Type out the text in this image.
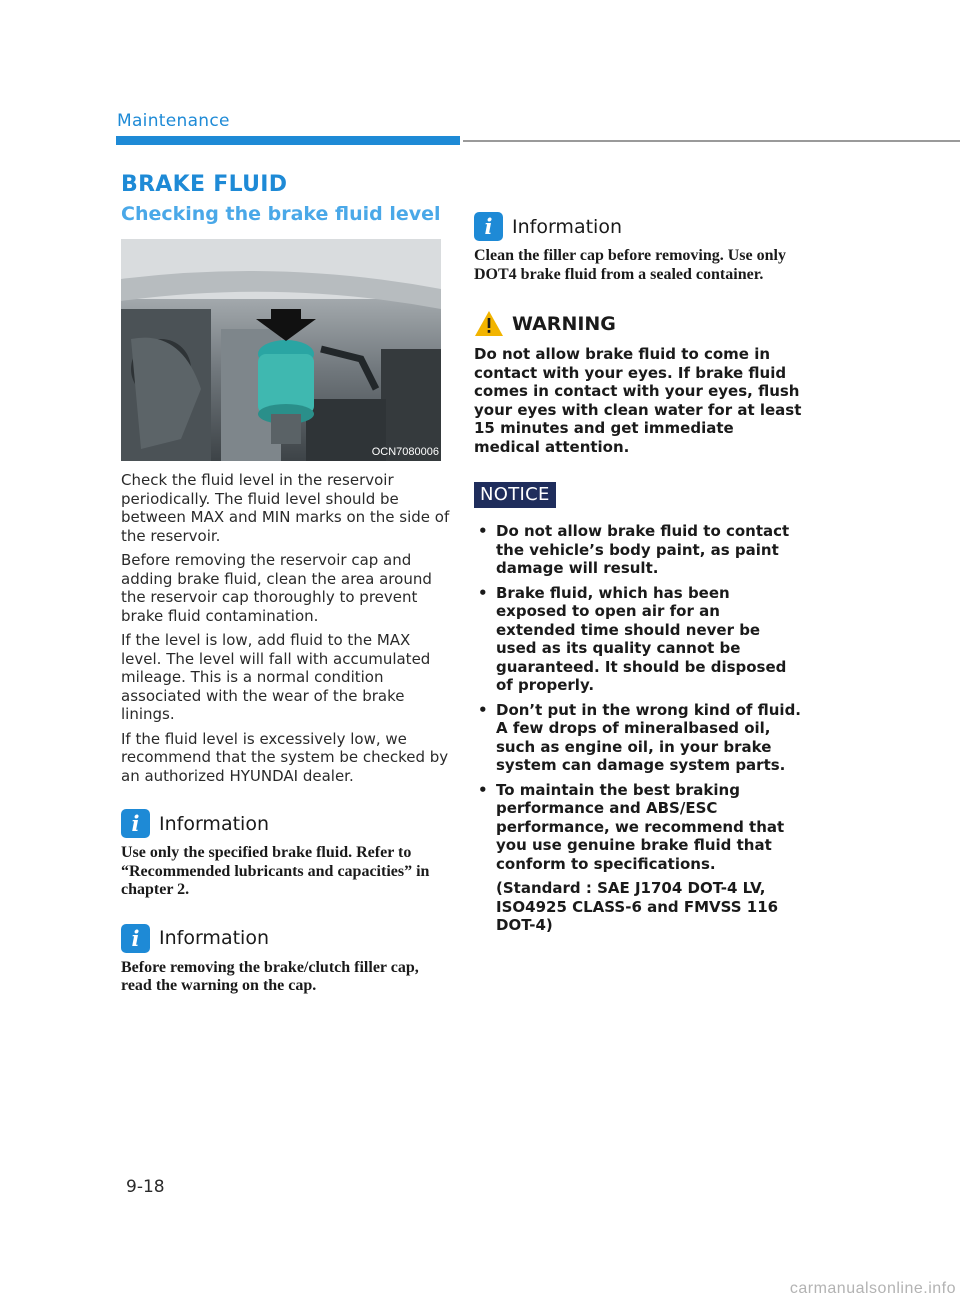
Maintenance
BRAKE FLUID
Checking the brake fluid level
OCN7080006

Check the fluid level in the reservoir periodically. The fluid level should be between MAX and MIN marks on the side of the reservoir.

Before removing the reservoir cap and adding brake fluid, clean the area around the reservoir cap thoroughly to prevent brake fluid contamination.

If the level is low, add fluid to the MAX level. The level will fall with accumulated mileage. This is a normal condition associated with the wear of the brake linings.

If the fluid level is excessively low, we recommend that the system be checked by an authorized HYUNDAI dealer.

i	Information

Use only the specified brake fluid. Refer to “Recommended lubricants and capacities” in chapter 2.

i	Information

Before removing the brake/clutch filler cap, read the warning on the cap.

i	Information

Clean the filler cap before removing. Use only DOT4 brake fluid from a sealed container.

WARNING

Do not allow brake fluid to come in contact with your eyes. If brake fluid comes in contact with your eyes, flush your eyes with clean water for at least 15 minutes and get immediate medical attention.

NOTICE
• Do not allow brake fluid to contact the vehicle’s body paint, as paint damage will result.
• Brake fluid, which has been exposed to open air for an extended time should never be used as its quality cannot be guaranteed. It should be disposed of properly.
• Don’t put in the wrong kind of fluid. A few drops of mineralbased oil, such as engine oil, in your brake system can damage system parts.
• To maintain the best braking performance and ABS/ESC performance, we recommend that you use genuine brake fluid that conform to specifications.
(Standard : SAE J1704 DOT-4 LV, ISO4925 CLASS-6 and FMVSS 116 DOT-4)
9-18
carmanualsonline.info
